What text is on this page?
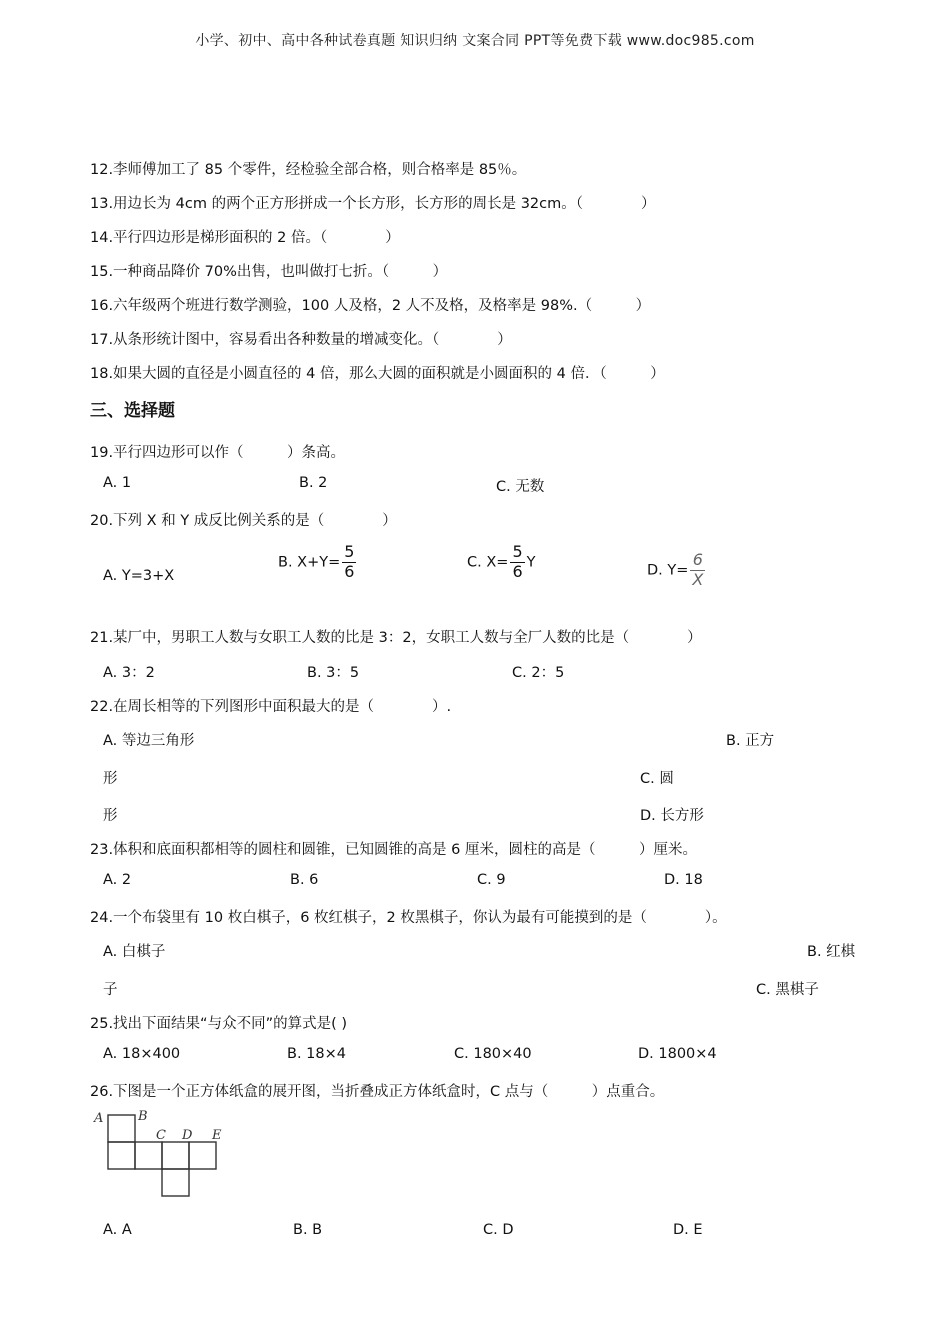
小学、初中、高中各种试卷真题 知识归纳 文案合同 PPT等免费下载 www.doc985.com
12.李师傅加工了 85 个零件，经检验全部合格，则合格率是 85％。
13.用边长为 4cm 的两个正方形拼成一个长方形，长方形的周长是 32cm。（　　　　）
14.平行四边形是梯形面积的 2 倍。（　　　　）
15.一种商品降价 70%出售，也叫做打七折。（　　　）
16.六年级两个班进行数学测验，100 人及格，2 人不及格，及格率是 98%.（　　　）
17.从条形统计图中，容易看出各种数量的增减变化。（　　　　）
18.如果大圆的直径是小圆直径的 4 倍，那么大圆的面积就是小圆面积的 4 倍．（　　　）
三、选择题
19.平行四边形可以作（　　　）条高。
A. 1	B. 2	C. 无数
20.下列 X 和 Y 成反比例关系的是（　　　　）
A. Y=3+X
B. $X+Y= \frac{5}{6}$	C. $X= \frac{5}{6}$ Y	D. $Y= \frac{6}{X}$
21.某厂中，男职工人数与女职工人数的比是 3：2，女职工人数与全厂人数的比是（　　　　）
A. 3：2	B. 3：5	C. 2：5
22.在周长相等的下列图形中面积最大的是（　　　　）.
A. 等边三角形	B. 正方
形	C. 圆
形	D. 长方形
23.体积和底面积都相等的圆柱和圆锥，已知圆锥的高是 6 厘米，圆柱的高是（　　　）厘米。
A. 2	B. 6	C. 9	D. 18
24.一个布袋里有 10 枚白棋子，6 枚红棋子，2 枚黑棋子，你认为最有可能摸到的是（　　　　）。
A. 白棋子	B. 红棋
子	C. 黑棋子
25.找出下面结果“与众不同”的算式是( )
A. 18×400	B. 18×4	C. 180×40	D. 1800×4
26.下图是一个正方体纸盒的展开图，当折叠成正方体纸盒时，C 点与（　　　）点重合。
A	B
C D E
A. A	B. B	C. D	D. E
